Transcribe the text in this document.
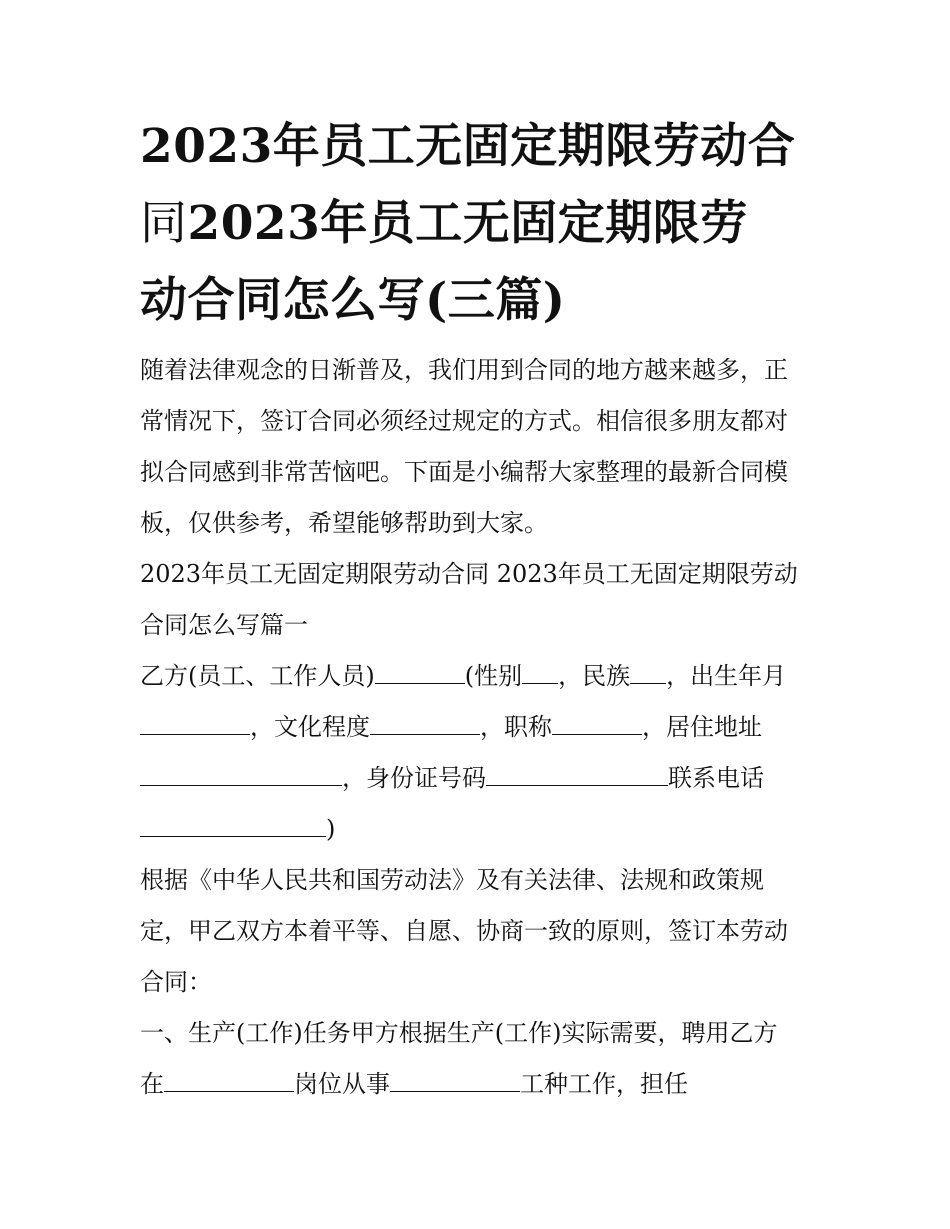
2023年员工无固定期限劳动合
同2023年员工无固定期限劳
动合同怎么写(三篇)
随着法律观念的日渐普及，我们用到合同的地方越来越多，正
常情况下，签订合同必须经过规定的方式。相信很多朋友都对
拟合同感到非常苦恼吧。下面是小编帮大家整理的最新合同模
板，仅供参考，希望能够帮助到大家。
2023年员工无固定期限劳动合同 2023年员工无固定期限劳动
合同怎么写篇一
乙方(员工、工作人员)	(性别 ，民族 ，出生年月
，文化程度	，职称	，居住地址
，身份证号码	联系电话
)
根据《中华人民共和国劳动法》及有关法律、法规和政策规
定，甲乙双方本着平等、自愿、协商一致的原则，签订本劳动
合同：
一、生产(工作)任务甲方根据生产(工作)实际需要，聘用乙方
在	岗位从事	工种工作，担任
